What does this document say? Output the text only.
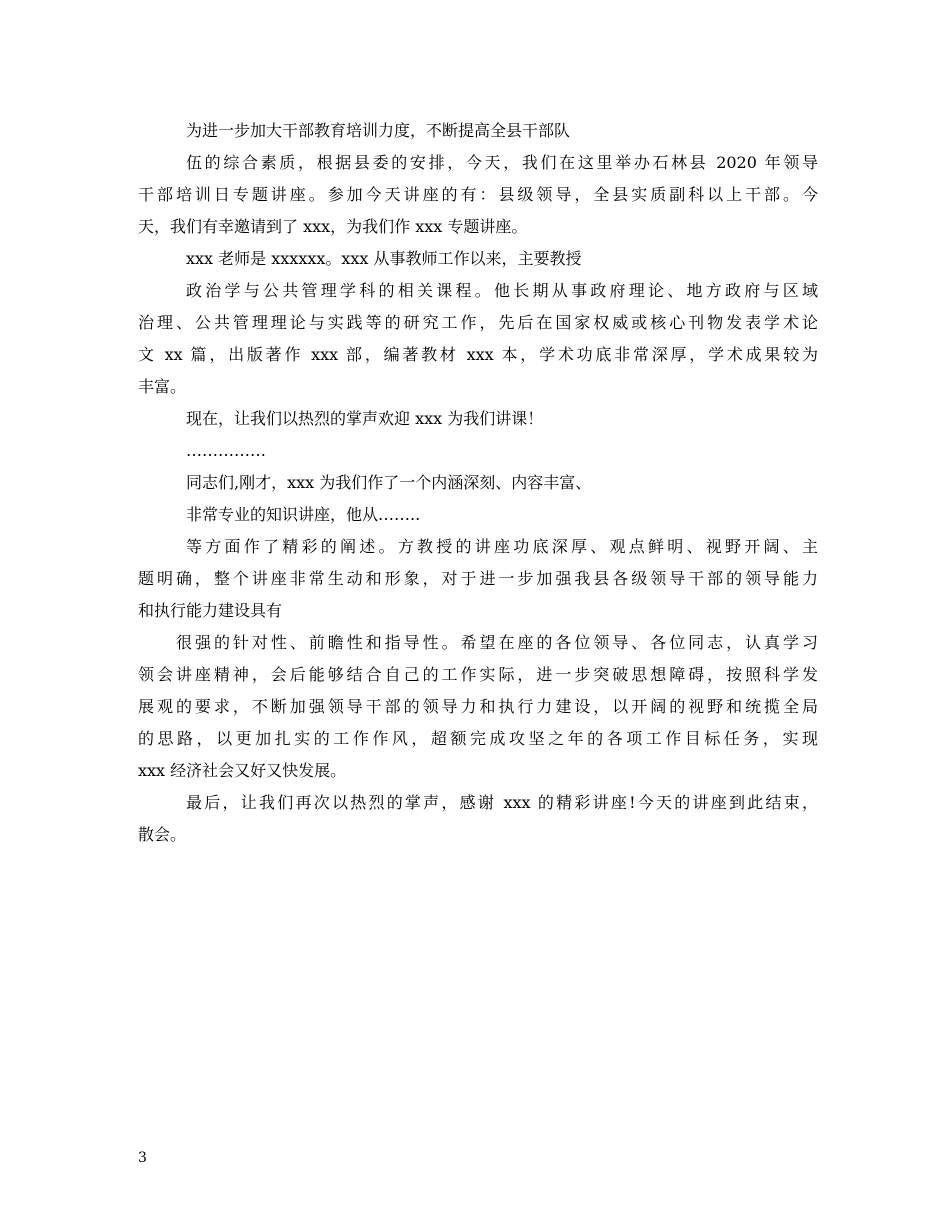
为进一步加大干部教育培训力度，不断提高全县干部队
伍的综合素质，根据县委的安排，今天，我们在这里举办石林县 2020 年领导
干部培训日专题讲座。参加今天讲座的有：县级领导，全县实质副科以上干部。今
天，我们有幸邀请到了 xxx，为我们作 xxx 专题讲座。
xxx 老师是 xxxxxx。xxx 从事教师工作以来，主要教授
政治学与公共管理学科的相关课程。他长期从事政府理论、地方政府与区域
治理、公共管理理论与实践等的研究工作，先后在国家权威或核心刊物发表学术论
文 xx 篇，出版著作 xxx 部，编著教材 xxx 本，学术功底非常深厚，学术成果较为
丰富。
现在，让我们以热烈的掌声欢迎 xxx 为我们讲课！
……………
同志们,刚才，xxx 为我们作了一个内涵深刻、内容丰富、
非常专业的知识讲座，他从……..
等方面作了精彩的阐述。方教授的讲座功底深厚、观点鲜明、视野开阔、主
题明确，整个讲座非常生动和形象，对于进一步加强我县各级领导干部的领导能力
和执行能力建设具有
很强的针对性、前瞻性和指导性。希望在座的各位领导、各位同志，认真学习
领会讲座精神，会后能够结合自己的工作实际，进一步突破思想障碍，按照科学发
展观的要求，不断加强领导干部的领导力和执行力建设，以开阔的视野和统揽全局
的思路，以更加扎实的工作作风，超额完成攻坚之年的各项工作目标任务，实现
xxx 经济社会又好又快发展。
最后，让我们再次以热烈的掌声，感谢 xxx 的精彩讲座!今天的讲座到此结束，
散会。
3
